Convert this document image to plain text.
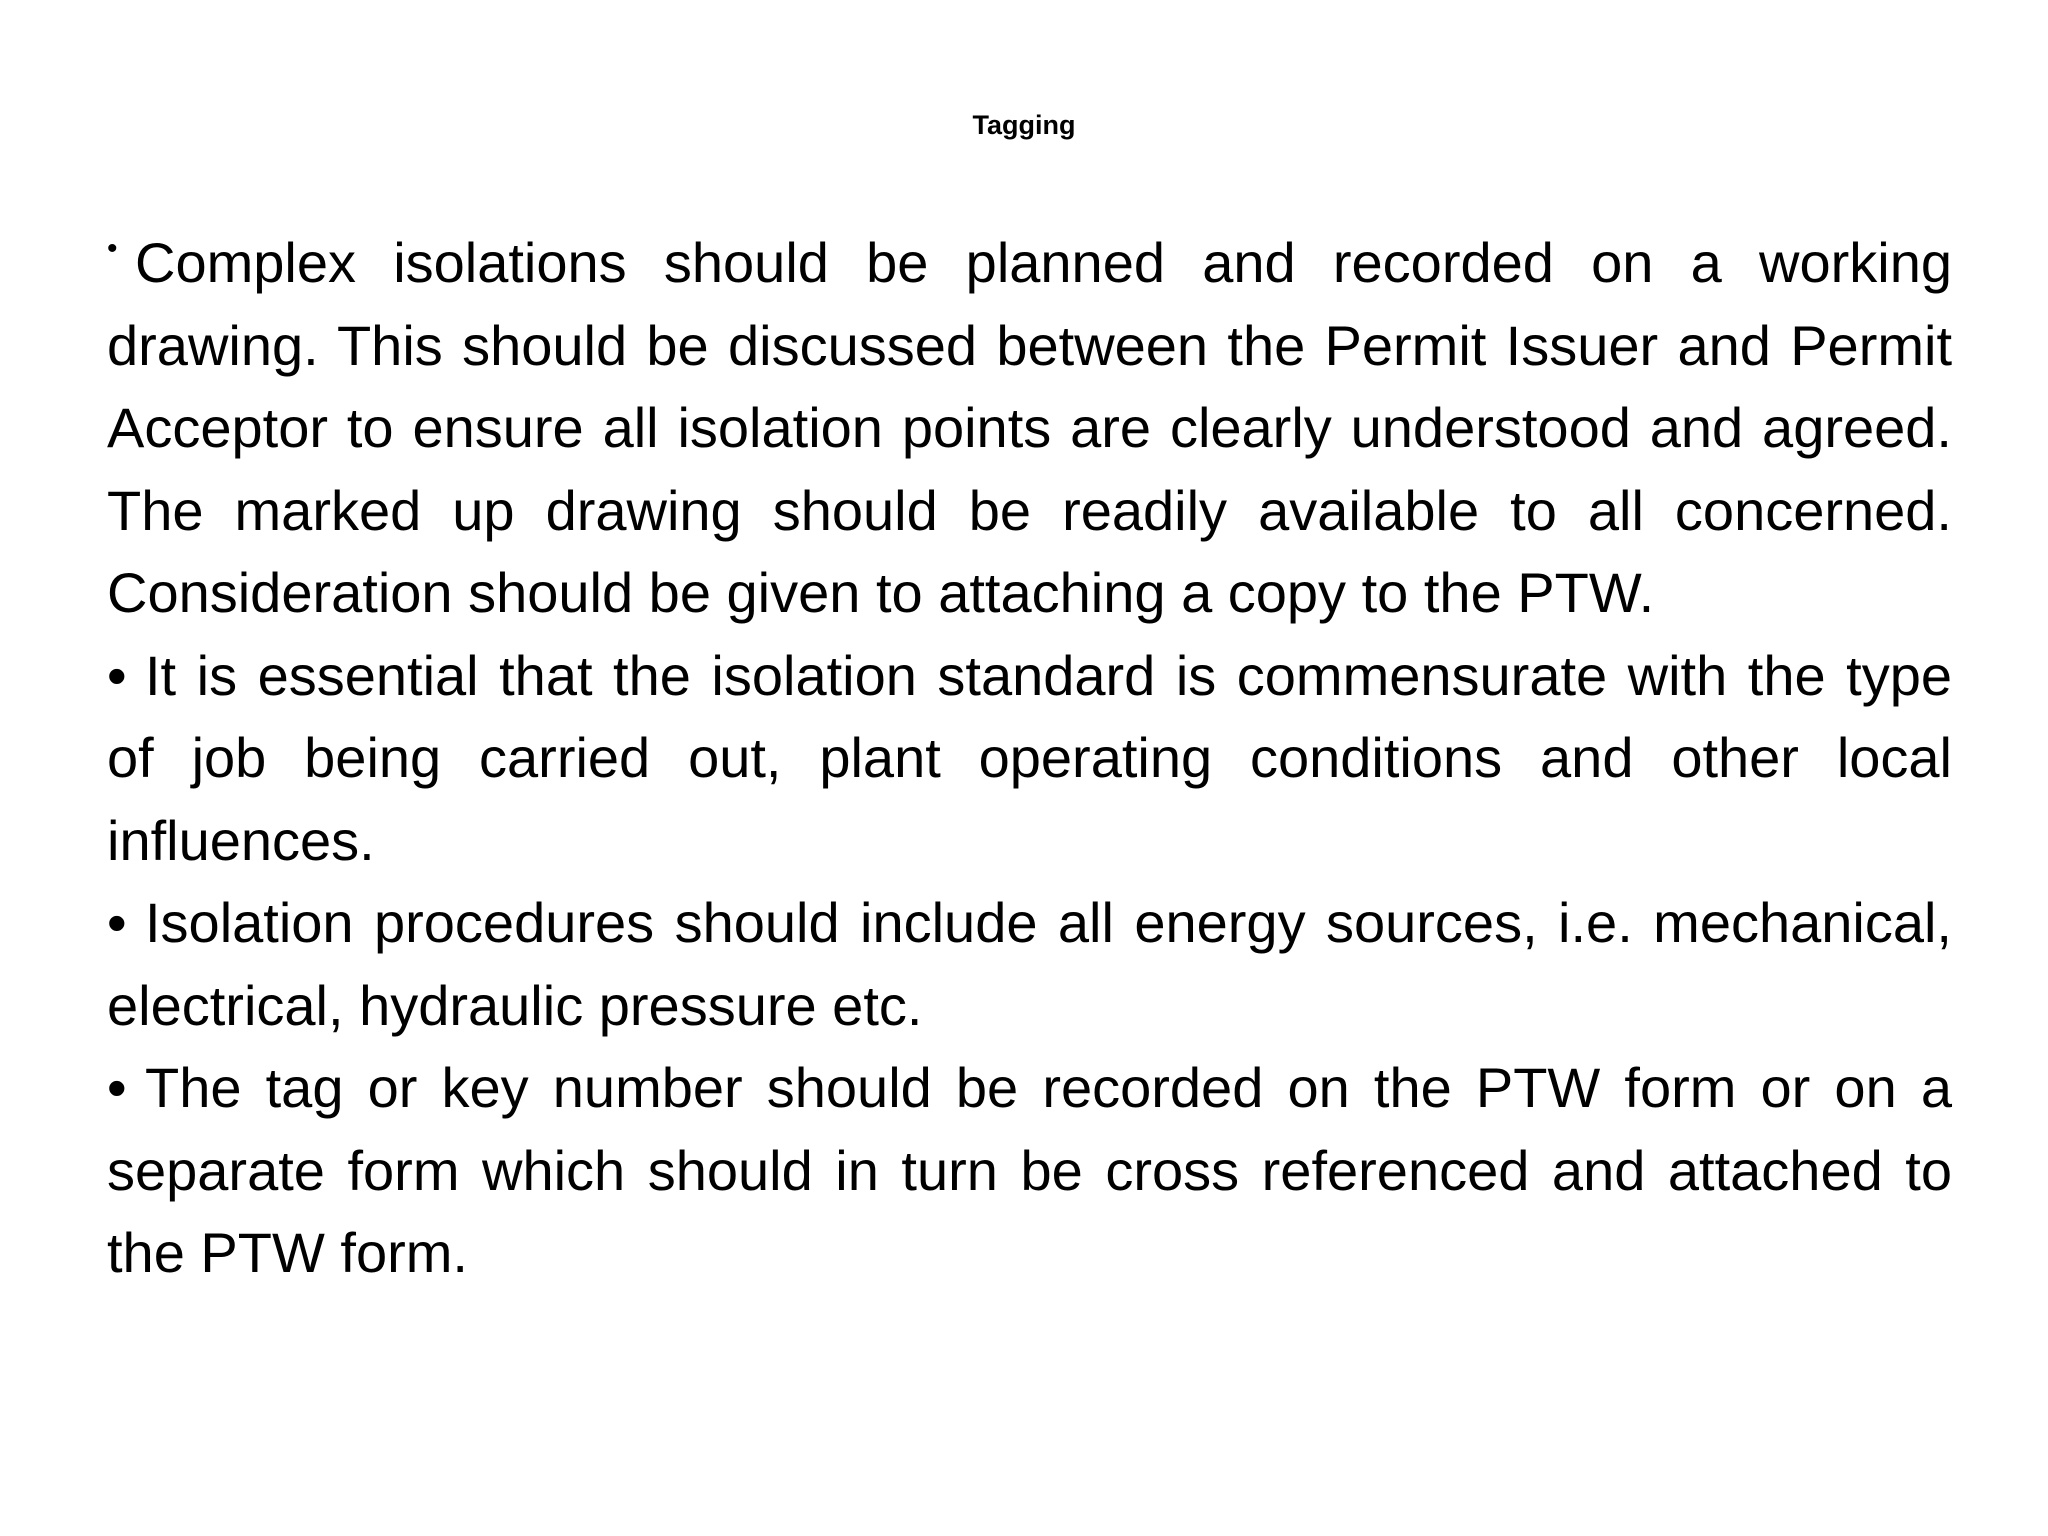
Tagging

• Complex isolations should be planned and recorded on a working drawing. This should be discussed between the Permit Issuer and Permit Acceptor to ensure all isolation points are clearly understood and agreed. The marked up drawing should be readily available to all concerned. Consideration should be given to attaching a copy to the PTW.

• It is essential that the isolation standard is commensurate with the type of job being carried out, plant operating conditions and other local influences.

• Isolation procedures should include all energy sources, i.e. mechanical, electrical, hydraulic pressure etc.

• The tag or key number should be recorded on the PTW form or on a separate form which should in turn be cross referenced and attached to the PTW form.
